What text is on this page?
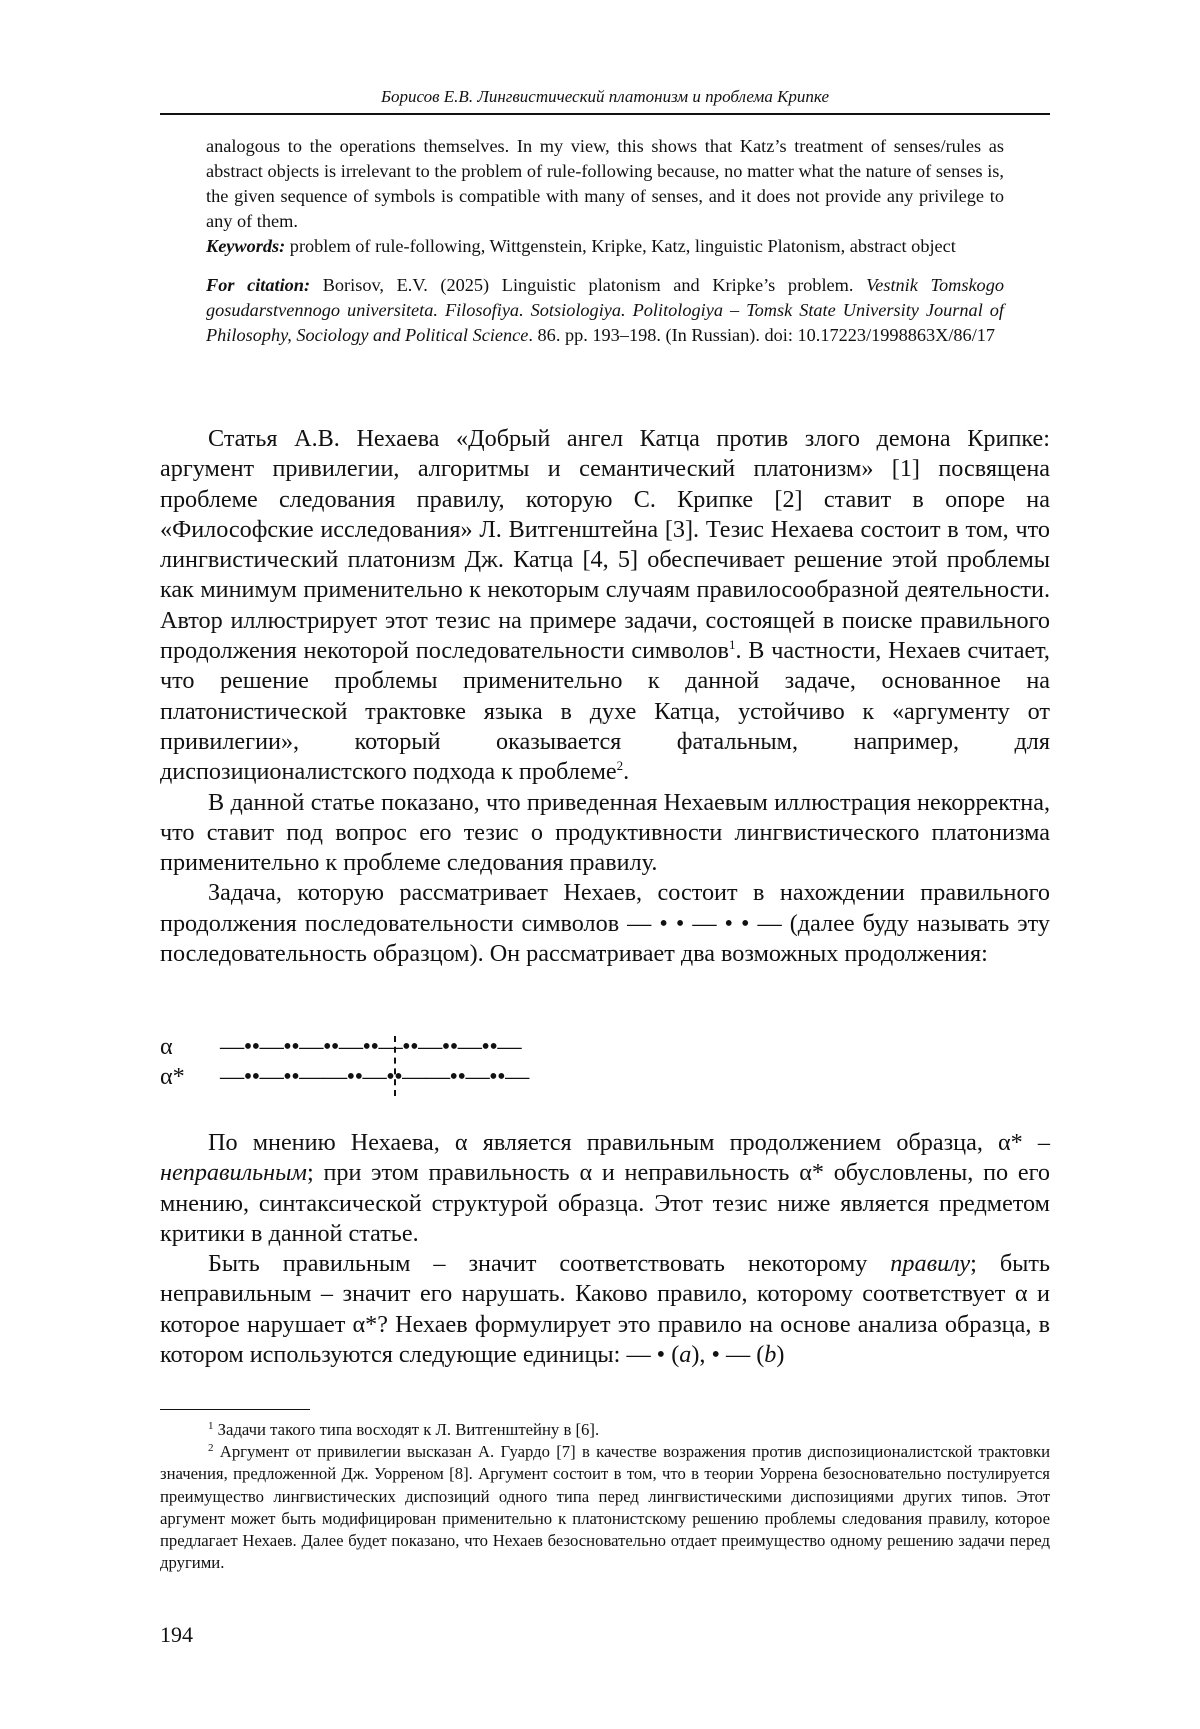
Борисов Е.В. Лингвистический платонизм и проблема Крипке

analogous to the operations themselves. In my view, this shows that Katz’s treatment of senses/rules as abstract objects is irrelevant to the problem of rule-following because, no matter what the nature of senses is, the given sequence of symbols is compatible with many of senses, and it does not provide any privilege to any of them.

Keywords: problem of rule-following, Wittgenstein, Kripke, Katz, linguistic Platonism, abstract object

For citation: Borisov, E.V. (2025) Linguistic platonism and Kripke’s problem. Vestnik Tomskogo gosudarstvennogo universiteta. Filosofiya. Sotsiologiya. Politologiya – Tomsk State University Journal of Philosophy, Sociology and Political Science. 86. pp. 193–198. (In Russian). doi: 10.17223/1998863X/86/17

Статья А.В. Нехаева «Добрый ангел Катца против злого демона Крипке: аргумент привилегии, алгоритмы и семантический платонизм» [1] посвящена проблеме следования правилу, которую С. Крипке [2] ставит в опоре на «Философские исследования» Л. Витгенштейна [3]. Тезис Нехаева состоит в том, что лингвистический платонизм Дж. Катца [4, 5] обеспечивает решение этой проблемы как минимум применительно к некоторым случаям правилосообразной деятельности. Автор иллюстрирует этот тезис на примере задачи, состоящей в поиске правильного продолжения некоторой последовательности символов$^1$. В частности, Нехаев считает, что решение проблемы применительно к данной задаче, основанное на платонистической трактовке языка в духе Катца, устойчиво к «аргументу от привилегии», который оказывается фатальным, например, для диспозиционалистского подхода к проблеме$^2$.

В данной статье показано, что приведенная Нехаевым иллюстрация некорректна, что ставит под вопрос его тезис о продуктивности лингвистического платонизма применительно к проблеме следования правилу.

Задача, которую рассматривает Нехаев, состоит в нахождении правильного продолжения последовательности символов — • • — • • — (далее буду называть эту последовательность образцом). Он рассматривает два возможных продолжения:

α —••—••—••—••—••—••—••—
α* —••—••——••—••——••—••—

По мнению Нехаева, α является правильным продолжением образца, α* – неправильным; при этом правильность α и неправильность α* обусловлены, по его мнению, синтаксической структурой образца. Этот тезис ниже является предметом критики в данной статье.

Быть правильным – значит соответствовать некоторому правилу; быть неправильным – значит его нарушать. Каково правило, которому соответствует α и которое нарушает α*? Нехаев формулирует это правило на основе анализа образца, в котором используются следующие единицы: — • (a), • — (b)

$^1$ Задачи такого типа восходят к Л. Витгенштейну в [6].

$^2$ Аргумент от привилегии высказан А. Гуардо [7] в качестве возражения против диспозиционалистской трактовки значения, предложенной Дж. Уорреном [8]. Аргумент состоит в том, что в теории Уоррена безосновательно постулируется преимущество лингвистических диспозиций одного типа перед лингвистическими диспозициями других типов. Этот аргумент может быть модифицирован применительно к платонистскому решению проблемы следования правилу, которое предлагает Нехаев. Далее будет показано, что Нехаев безосновательно отдает преимущество одному решению задачи перед другими.

194
